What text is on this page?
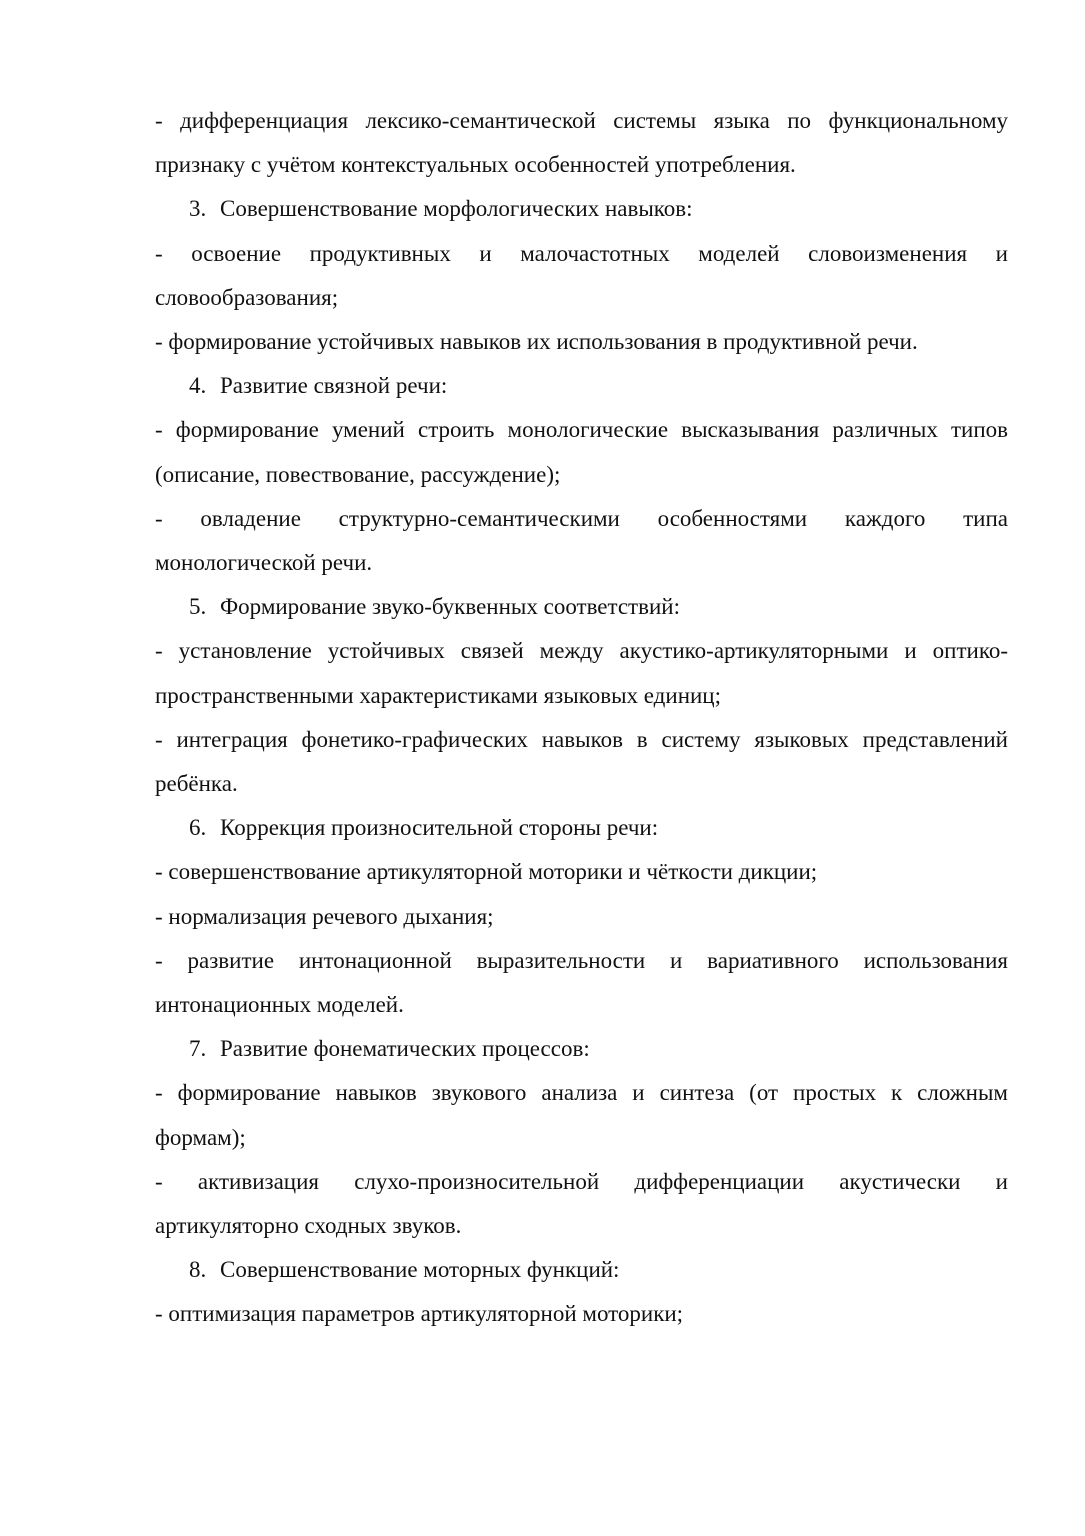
- дифференциация лексико-семантической системы языка по функциональному признаку с учётом контекстуальных особенностей употребления.

3. Совершенствование морфологических навыков:

- освоение продуктивных и малочастотных моделей словоизменения и словообразования;

- формирование устойчивых навыков их использования в продуктивной речи.

4. Развитие связной речи:

- формирование умений строить монологические высказывания различных типов (описание, повествование, рассуждение);

- овладение структурно-семантическими особенностями каждого типа монологической речи.

5. Формирование звуко-буквенных соответствий:

- установление устойчивых связей между акустико-артикуляторными и оптико-пространственными характеристиками языковых единиц;

- интеграция фонетико-графических навыков в систему языковых представлений ребёнка.

6. Коррекция произносительной стороны речи:

- совершенствование артикуляторной моторики и чёткости дикции;

- нормализация речевого дыхания;

- развитие интонационной выразительности и вариативного использования интонационных моделей.

7. Развитие фонематических процессов:

- формирование навыков звукового анализа и синтеза (от простых к сложным формам);

- активизация слухо-произносительной дифференциации акустически и артикуляторно сходных звуков.

8. Совершенствование моторных функций:

- оптимизация параметров артикуляторной моторики;
